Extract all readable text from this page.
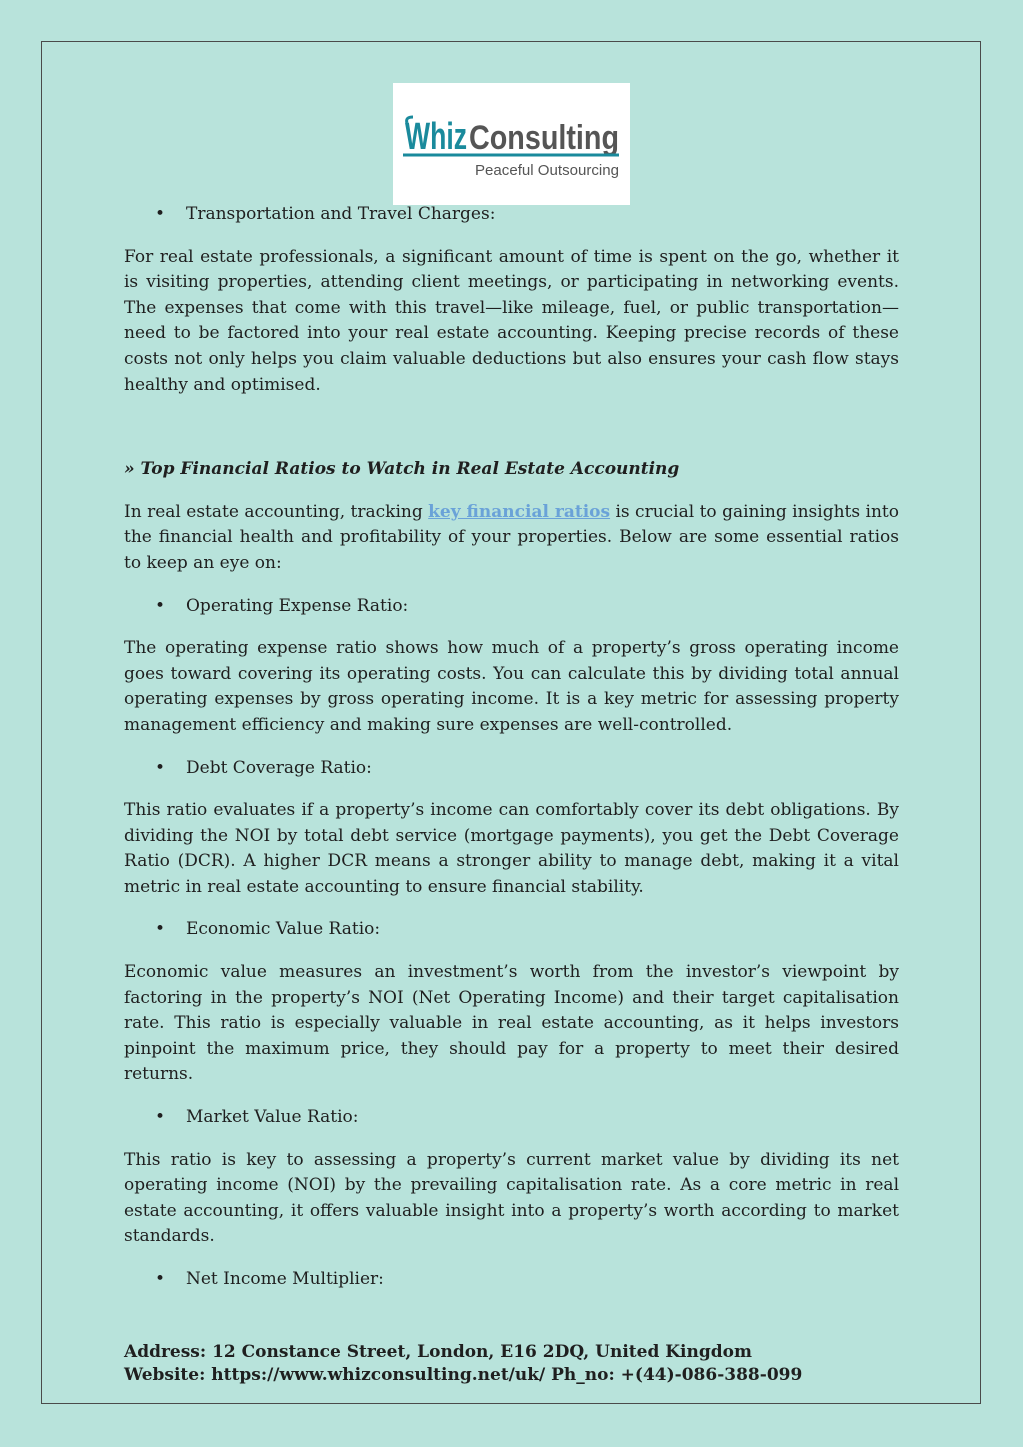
Whiz Consulting
Peaceful Outsourcing

• Transportation and Travel Charges:

For real estate professionals, a significant amount of time is spent on the go, whether it is visiting properties, attending client meetings, or participating in networking events. The expenses that come with this travel—like mileage, fuel, or public transportation—need to be factored into your real estate accounting. Keeping precise records of these costs not only helps you claim valuable deductions but also ensures your cash flow stays healthy and optimised.

» Top Financial Ratios to Watch in Real Estate Accounting

In real estate accounting, tracking key financial ratios is crucial to gaining insights into the financial health and profitability of your properties. Below are some essential ratios to keep an eye on:

• Operating Expense Ratio:

The operating expense ratio shows how much of a property’s gross operating income goes toward covering its operating costs. You can calculate this by dividing total annual operating expenses by gross operating income. It is a key metric for assessing property management efficiency and making sure expenses are well-controlled.

• Debt Coverage Ratio:

This ratio evaluates if a property’s income can comfortably cover its debt obligations. By dividing the NOI by total debt service (mortgage payments), you get the Debt Coverage Ratio (DCR). A higher DCR means a stronger ability to manage debt, making it a vital metric in real estate accounting to ensure financial stability.

• Economic Value Ratio:

Economic value measures an investment’s worth from the investor’s viewpoint by factoring in the property’s NOI (Net Operating Income) and their target capitalisation rate. This ratio is especially valuable in real estate accounting, as it helps investors pinpoint the maximum price, they should pay for a property to meet their desired returns.

• Market Value Ratio:

This ratio is key to assessing a property’s current market value by dividing its net operating income (NOI) by the prevailing capitalisation rate. As a core metric in real estate accounting, it offers valuable insight into a property’s worth according to market standards.

• Net Income Multiplier:

Address: 12 Constance Street, London, E16 2DQ, United Kingdom
Website: https://www.whizconsulting.net/uk/ Ph_no: +(44)-086-388-099
